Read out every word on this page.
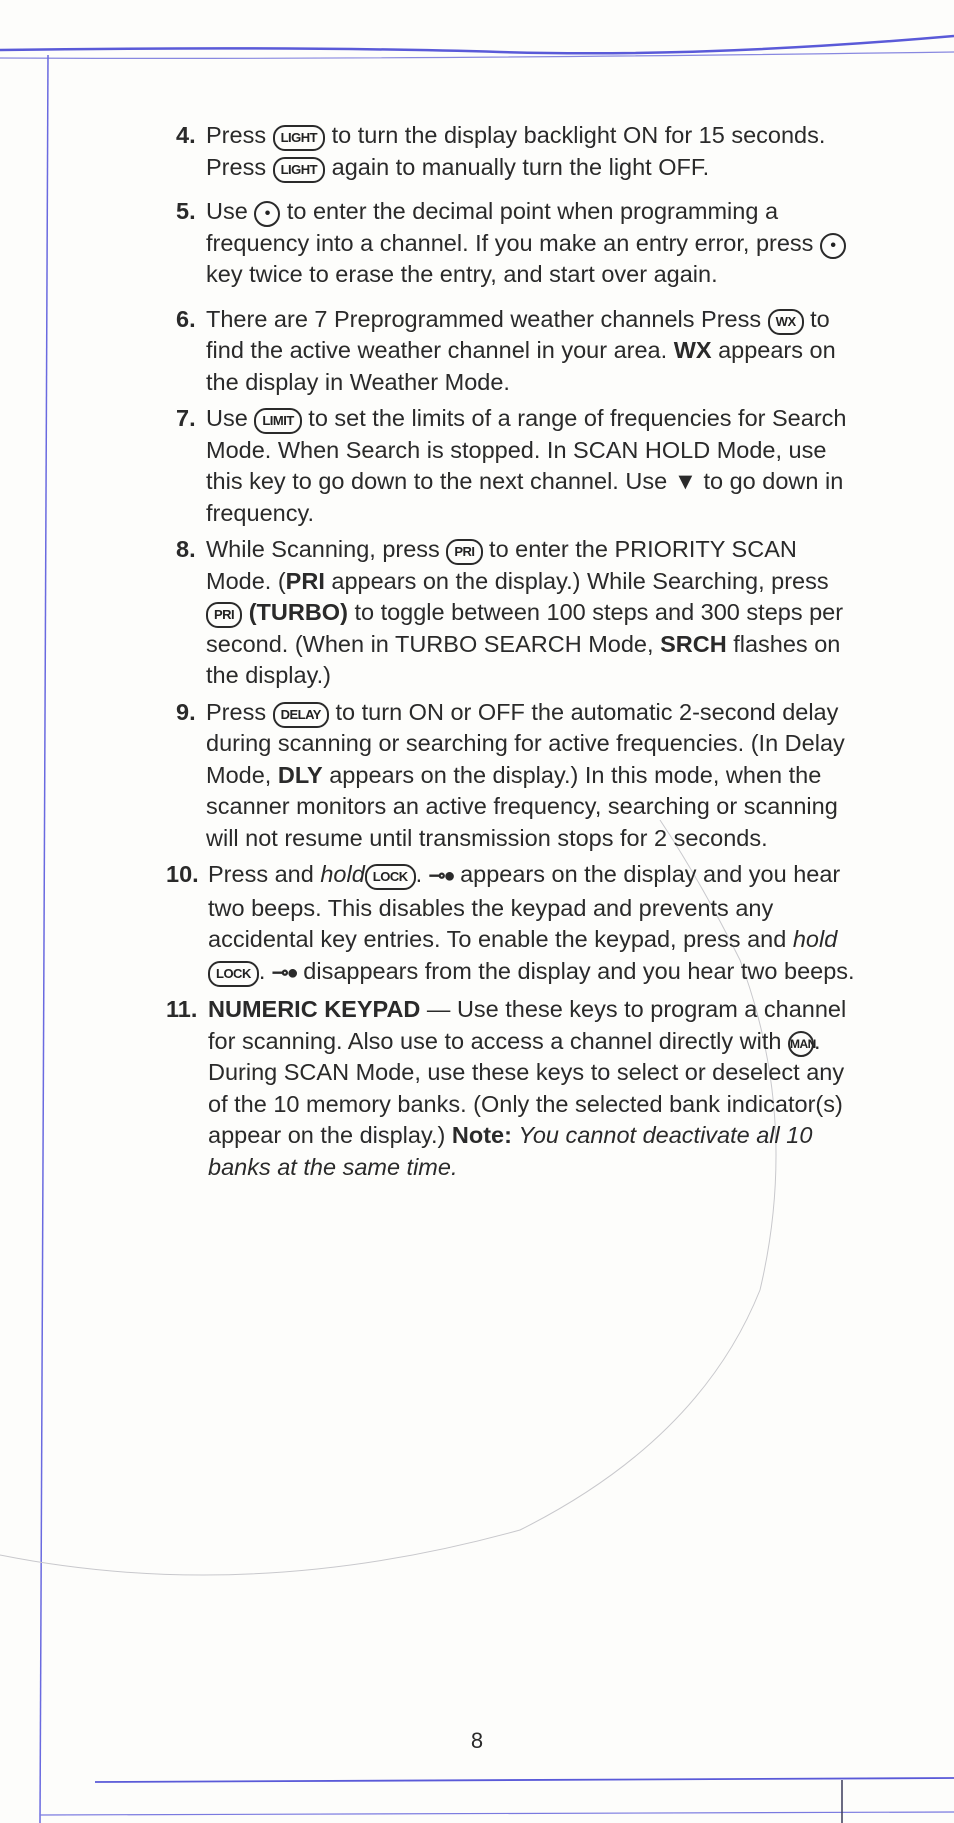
4. Press LIGHT to turn the display backlight ON for 15 seconds. Press LIGHT again to manually turn the light OFF.
5. Use • to enter the decimal point when programming a frequency into a channel. If you make an entry error, press • key twice to erase the entry, and start over again.
6. There are 7 Preprogrammed weather channels Press WX to find the active weather channel in your area. WX appears on the display in Weather Mode.
7. Use LIMIT to set the limits of a range of frequencies for Search Mode. When Search is stopped. In SCAN HOLD Mode, use this key to go down to the next channel. Use ▼ to go down in frequency.
8. While Scanning, press PRI to enter the PRIORITY SCAN Mode. (PRI appears on the display.) While Searching, press PRI (TURBO) to toggle between 100 steps and 300 steps per second. (When in TURBO SEARCH Mode, SRCH flashes on the display.)
9. Press DELAY to turn ON or OFF the automatic 2-second delay during scanning or searching for active frequencies. (In Delay Mode, DLY appears on the display.) In this mode, when the scanner monitors an active frequency, searching or scanning will not resume until transmission stops for 2 seconds.
10. Press and hold LOCK . ⊸● appears on the display and you hear two beeps. This disables the keypad and prevents any accidental key entries. To enable the keypad, press and holdLOCK . ⊸● disappears from the display and you hear two beeps.
11. NUMERIC KEYPAD — Use these keys to program a channel for scanning. Also use to access a channel directly with MAN. During SCAN Mode, use these keys to select or deselect any of the 10 memory banks. (Only the selected bank indicator(s) appear on the display.) Note: You cannot deactivate all 10 banks at the same time.
8
